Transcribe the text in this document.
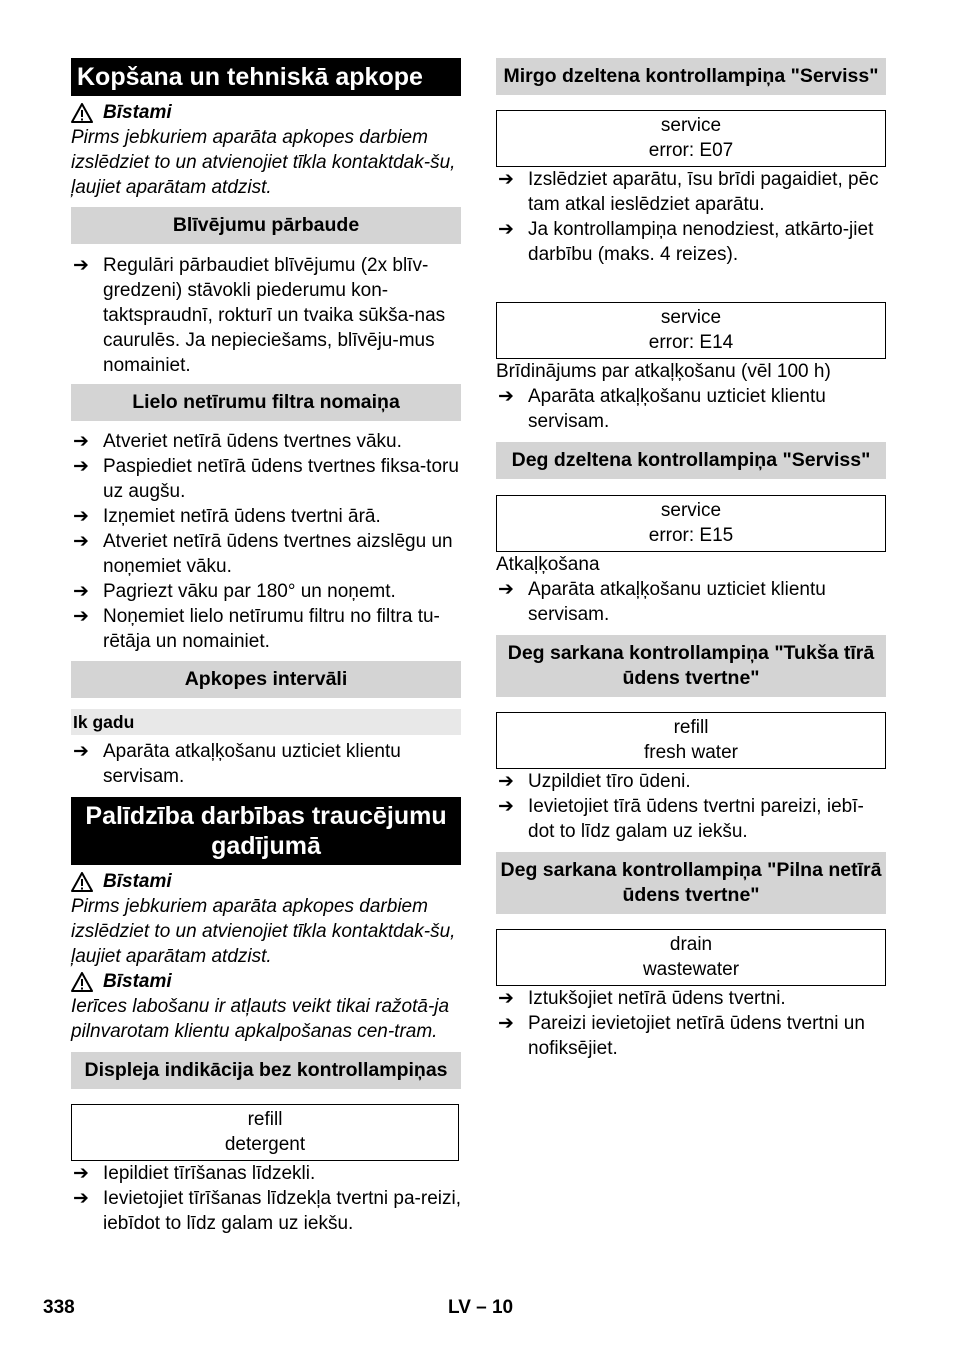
Kopšana un tehniskā apkope
Bīstami
Pirms jebkuriem aparāta apkopes darbiem izslēdziet to un atvienojiet tīkla kontaktdak-šu, ļaujiet aparātam atdzist.
Blīvējumu pārbaude
➔ Regulāri pārbaudiet blīvējumu (2x blīv-gredzeni) stāvokli piederumu kon-taktspraudnī, rokturī un tvaika sūkša-nas caurulēs. Ja nepieciešams, blīvēju-mus nomainiet.
Lielo netīrumu filtra nomaiņa
➔ Atveriet netīrā ūdens tvertnes vāku.
➔ Paspiediet netīrā ūdens tvertnes fiksa-toru uz augšu.
➔ Izņemiet netīrā ūdens tvertni ārā.
➔ Atveriet netīrā ūdens tvertnes aizslēgu un noņemiet vāku.
➔ Pagriezt vāku par 180° un noņemt.
➔ Noņemiet lielo netīrumu filtru no filtra tu-rētāja un nomainiet.
Apkopes intervāli
Ik gadu
➔ Aparāta atkaļķošanu uzticiet klientu servisam.
Palīdzība darbības traucējumu gadījumā
Bīstami
Pirms jebkuriem aparāta apkopes darbiem izslēdziet to un atvienojiet tīkla kontaktdak-šu, ļaujiet aparātam atdzist.
Bīstami
Ierīces labošanu ir atļauts veikt tikai ražotā-ja pilnvarotam klientu apkalpošanas cen-tram.
Displeja indikācija bez kontrollampiņas
refill
detergent
➔ Iepildiet tīrīšanas līdzekli.
➔ Ievietojiet tīrīšanas līdzekļa tvertni pa-reizi, iebīdot to līdz galam uz iekšu.
Mirgo dzeltena kontrollampiņa "Serviss"
service
error: E07
➔ Izslēdziet aparātu, īsu brīdi pagaidiet, pēc tam atkal ieslēdziet aparātu.
➔ Ja kontrollampiņa nenodziest, atkārto-jiet darbību (maks. 4 reizes).
service
error: E14
Brīdinājums par atkaļķošanu (vēl 100 h)
➔ Aparāta atkaļķošanu uzticiet klientu servisam.
Deg dzeltena kontrollampiņa "Serviss"
service
error: E15
Atkaļķošana
➔ Aparāta atkaļķošanu uzticiet klientu servisam.
Deg sarkana kontrollampiņa "Tukša tīrā ūdens tvertne"
refill
fresh water
➔ Uzpildiet tīro ūdeni.
➔ Ievietojiet tīrā ūdens tvertni pareizi, iebī-dot to līdz galam uz iekšu.
Deg sarkana kontrollampiņa "Pilna netīrā ūdens tvertne"
drain
wastewater
➔ Iztukšojiet netīrā ūdens tvertni.
➔ Pareizi ievietojiet netīrā ūdens tvertni un nofiksējiet.
338	LV – 10
